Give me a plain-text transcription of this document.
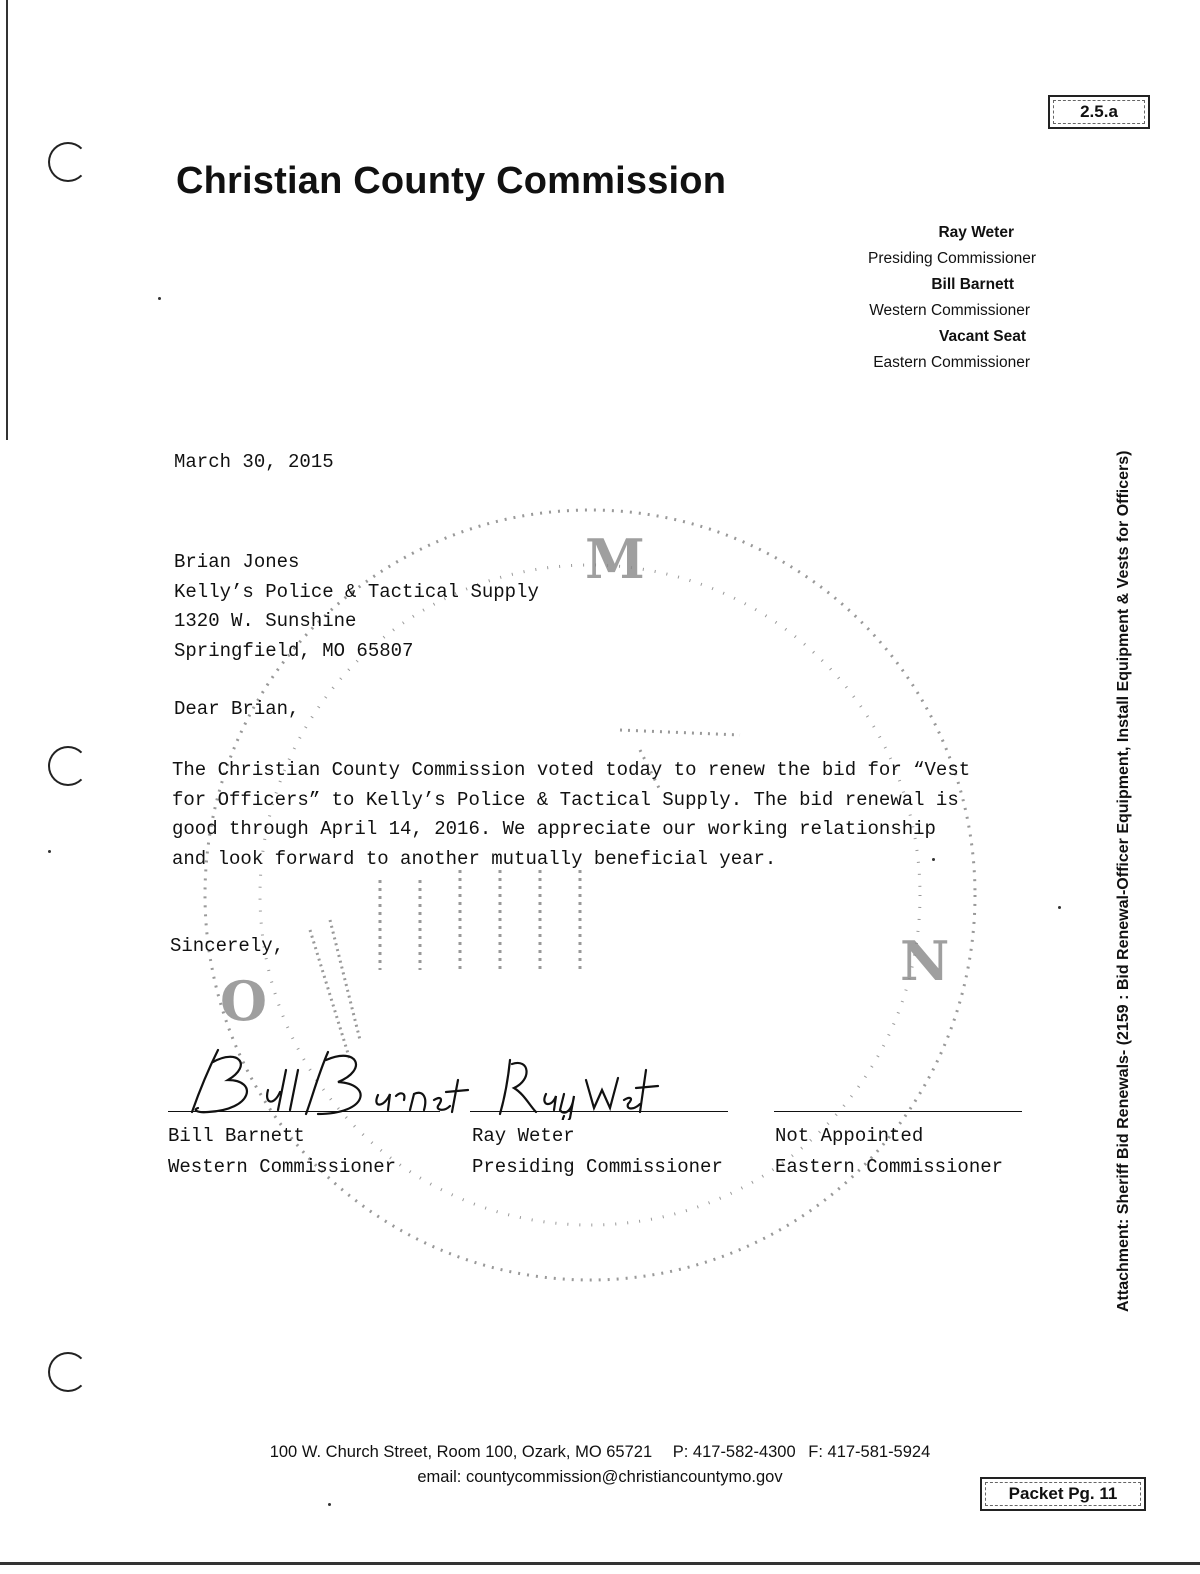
2.5.a
Christian County Commission
Ray Weter
Presiding Commissioner
Bill Barnett
Western Commissioner
Vacant Seat
Eastern Commissioner
M
N
O
March 30, 2015
Brian Jones
Kelly’s Police & Tactical Supply
1320 W. Sunshine
Springfield, MO 65807
Dear Brian,
The Christian County Commission voted today to renew the bid for “Vest
for Officers” to Kelly’s Police & Tactical Supply. The bid renewal is
good through April 14, 2016. We appreciate our working relationship
and look forward to another mutually beneficial year.
Sincerely,
Bill Barnett
Western Commissioner
Ray Weter
Presiding Commissioner
Not Appointed
Eastern Commissioner
100 W. Church Street, Room 100, Ozark, MO 65721 P: 417-582-4300 F: 417-581-5924
email: countycommission@christiancountymo.gov
Attachment: Sheriff Bid Renewals- (2159 : Bid Renewal-Officer Equipment, Install Equipment & Vests for Officers)
Packet Pg. 11
